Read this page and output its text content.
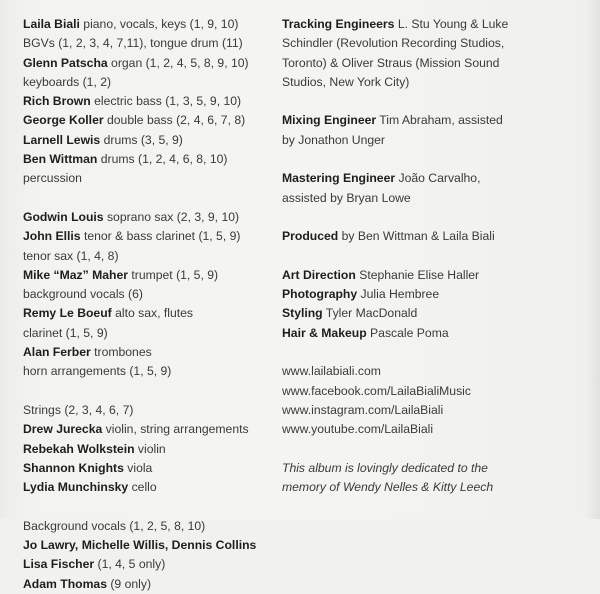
Laila Biali piano, vocals, keys (1, 9, 10)
BGVs (1, 2, 3, 4, 7,11), tongue drum (11)
Glenn Patscha organ (1, 2, 4, 5, 8, 9, 10)
keyboards (1, 2)
Rich Brown electric bass (1, 3, 5, 9, 10)
George Koller double bass (2, 4, 6, 7, 8)
Larnell Lewis drums (3, 5, 9)
Ben Wittman drums (1, 2, 4, 6, 8, 10)
percussion
Godwin Louis soprano sax (2, 3, 9, 10)
John Ellis tenor & bass clarinet (1, 5, 9)
tenor sax (1, 4, 8)
Mike “Maz” Maher trumpet (1, 5, 9)
background vocals (6)
Remy Le Boeuf alto sax, flutes
clarinet (1, 5, 9)
Alan Ferber trombones
horn arrangements (1, 5, 9)
Strings (2, 3, 4, 6, 7)
Drew Jurecka violin, string arrangements
Rebekah Wolkstein violin
Shannon Knights viola
Lydia Munchinsky cello
Background vocals (1, 2, 5, 8, 10)
Jo Lawry, Michelle Willis, Dennis Collins
Lisa Fischer (1, 4, 5 only)
Adam Thomas (9 only)
Tracking Engineers L. Stu Young & Luke
Schindler (Revolution Recording Studios,
Toronto) & Oliver Straus (Mission Sound
Studios, New York City)
Mixing Engineer Tim Abraham, assisted
by Jonathon Unger
Mastering Engineer João Carvalho,
assisted by Bryan Lowe
Produced by Ben Wittman & Laila Biali
Art Direction Stephanie Elise Haller
Photography Julia Hembree
Styling Tyler MacDonald
Hair & Makeup Pascale Poma
www.lailabiali.com
www.facebook.com/LailaBialiMusic
www.instagram.com/LailaBiali
www.youtube.com/LailaBiali
This album is lovingly dedicated to the
memory of Wendy Nelles & Kitty Leech
